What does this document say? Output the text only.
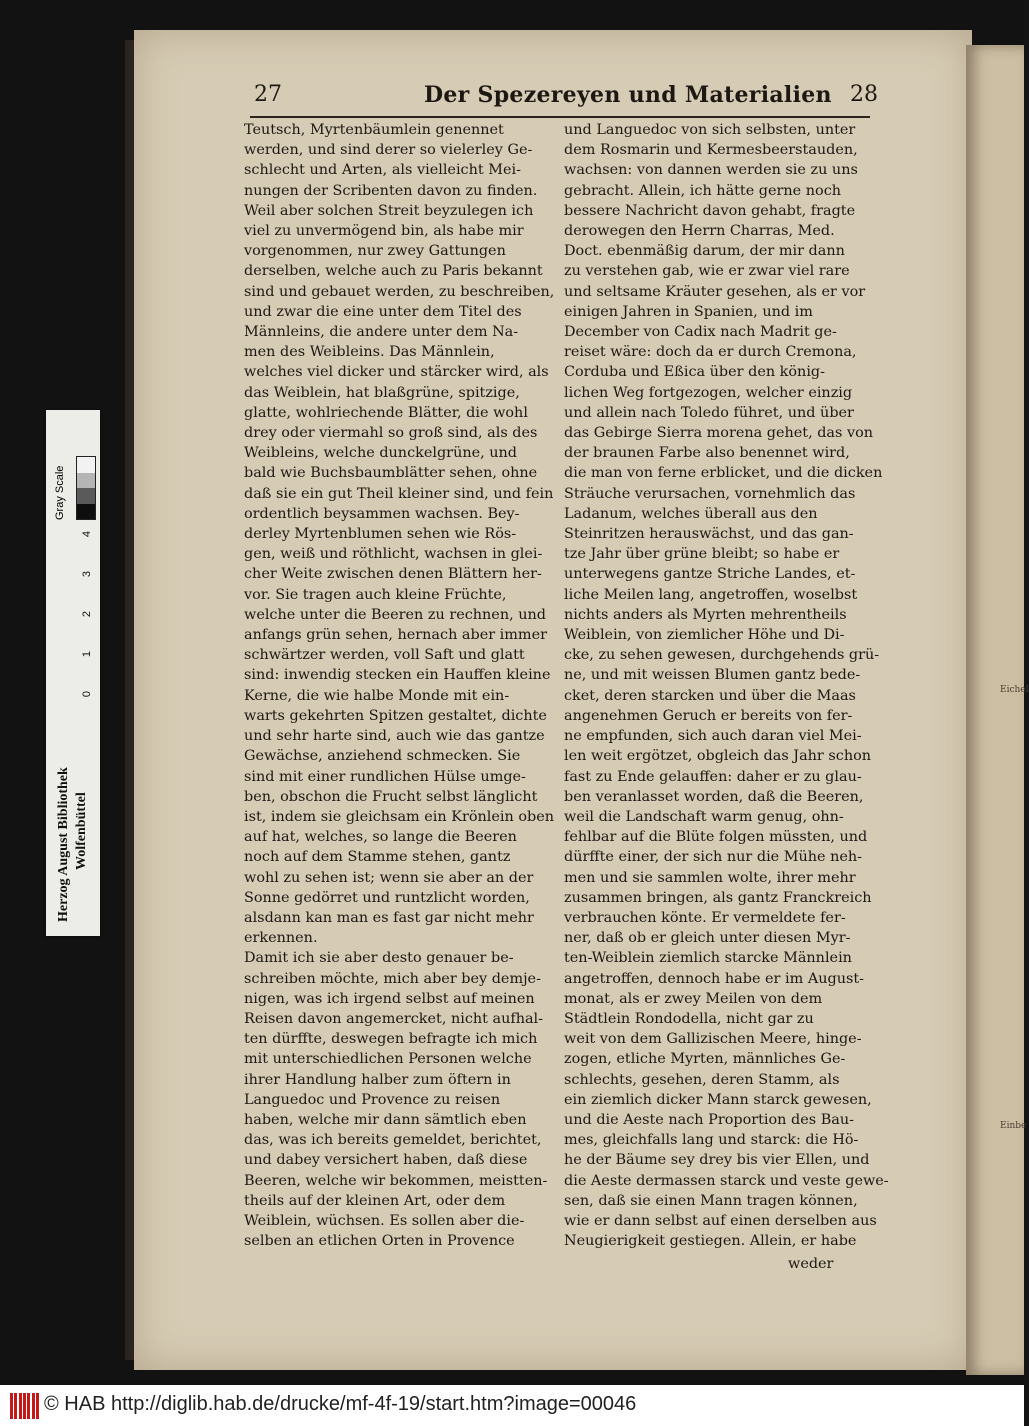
27	Der Spezereyen und Materialien 28
Teutsch, Myrtenbäumlein genennet
werden, und sind derer so vielerley Ge-
schlecht und Arten, als vielleicht Mei-
nungen der Scribenten davon zu finden.
Weil aber solchen Streit beyzulegen ich
viel zu unvermögend bin, als habe mir
vorgenommen, nur zwey Gattungen
derselben, welche auch zu Paris bekannt
sind und gebauet werden, zu beschreiben,
und zwar die eine unter dem Titel des
Männleins, die andere unter dem Na-
men des Weibleins. Das Männlein,
welches viel dicker und stärcker wird, als
das Weiblein, hat blaßgrüne, spitzige,
glatte, wohlriechende Blätter, die wohl
drey oder viermahl so groß sind, als des
Weibleins, welche dunckelgrüne, und
bald wie Buchsbaumblätter sehen, ohne
daß sie ein gut Theil kleiner sind, und fein
ordentlich beysammen wachsen. Bey-
derley Myrtenblumen sehen wie Rös-
gen, weiß und röthlicht, wachsen in glei-
cher Weite zwischen denen Blättern her-
vor. Sie tragen auch kleine Früchte,
welche unter die Beeren zu rechnen, und
anfangs grün sehen, hernach aber immer
schwärtzer werden, voll Saft und glatt
sind: inwendig stecken ein Hauffen kleine
Kerne, die wie halbe Monde mit ein-
warts gekehrten Spitzen gestaltet, dichte
und sehr harte sind, auch wie das gantze
Gewächse, anziehend schmecken. Sie
sind mit einer rundlichen Hülse umge-
ben, obschon die Frucht selbst länglicht
ist, indem sie gleichsam ein Krönlein oben
auf hat, welches, so lange die Beeren
noch auf dem Stamme stehen, gantz
wohl zu sehen ist; wenn sie aber an der
Sonne gedörret und runtzlicht worden,
alsdann kan man es fast gar nicht mehr
erkennen.
Damit ich sie aber desto genauer be-
schreiben möchte, mich aber bey demje-
nigen, was ich irgend selbst auf meinen
Reisen davon angemercket, nicht aufhal-
ten dürffte, deswegen befragte ich mich
mit unterschiedlichen Personen welche
ihrer Handlung halber zum öftern in
Languedoc und Provence zu reisen
haben, welche mir dann sämtlich eben
das, was ich bereits gemeldet, berichtet,
und dabey versichert haben, daß diese
Beeren, welche wir bekommen, meistten-
theils auf der kleinen Art, oder dem
Weiblein, wüchsen. Es sollen aber die-
selben an etlichen Orten in Provence
und Languedoc von sich selbsten, unter
dem Rosmarin und Kermesbeerstauden,
wachsen: von dannen werden sie zu uns
gebracht. Allein, ich hätte gerne noch
bessere Nachricht davon gehabt, fragte
derowegen den Herrn Charras, Med.
Doct. ebenmäßig darum, der mir dann
zu verstehen gab, wie er zwar viel rare
und seltsame Kräuter gesehen, als er vor
einigen Jahren in Spanien, und im
December von Cadix nach Madrit ge-
reiset wäre: doch da er durch Cremona,
Corduba und Eßica über den könig-
lichen Weg fortgezogen, welcher einzig
und allein nach Toledo führet, und über
das Gebirge Sierra morena gehet, das von
der braunen Farbe also benennet wird,
die man von ferne erblicket, und die dicken
Sträuche verursachen, vornehmlich das
Ladanum, welches überall aus den
Steinritzen herauswächst, und das gan-
tze Jahr über grüne bleibt; so habe er
unterwegens gantze Striche Landes, et-
liche Meilen lang, angetroffen, woselbst
nichts anders als Myrten mehrentheils
Weiblein, von ziemlicher Höhe und Di-
cke, zu sehen gewesen, durchgehends grü-
ne, und mit weissen Blumen gantz bede-
cket, deren starcken und über die Maas
angenehmen Geruch er bereits von fer-
ne empfunden, sich auch daran viel Mei-
len weit ergötzet, obgleich das Jahr schon
fast zu Ende gelauffen: daher er zu glau-
ben veranlasset worden, daß die Beeren,
weil die Landschaft warm genug, ohn-
fehlbar auf die Blüte folgen müssten, und
dürffte einer, der sich nur die Mühe neh-
men und sie sammlen wolte, ihrer mehr
zusammen bringen, als gantz Franckreich
verbrauchen könte. Er vermeldete fer-
ner, daß ob er gleich unter diesen Myr-
ten-Weiblein ziemlich starcke Männlein
angetroffen, dennoch habe er im August-
monat, als er zwey Meilen von dem
Städtlein Rondodella, nicht gar zu
weit von dem Gallizischen Meere, hinge-
zogen, etliche Myrten, männliches Ge-
schlechts, gesehen, deren Stamm, als
ein ziemlich dicker Mann starck gewesen,
und die Aeste nach Proportion des Bau-
mes, gleichfalls lang und starck: die Hö-
he der Bäume sey drey bis vier Ellen, und
die Aeste dermassen starck und veste gewe-
sen, daß sie einen Mann tragen können,
wie er dann selbst auf einen derselben aus
Neugierigkeit gestiegen. Allein, er habe
weder
Eichel
Einbe
Gray Scale
0
1
2
3
4
Herzog August Bibliothek Wolfenbüttel
© HAB http://diglib.hab.de/drucke/mf-4f-19/start.htm?image=00046
